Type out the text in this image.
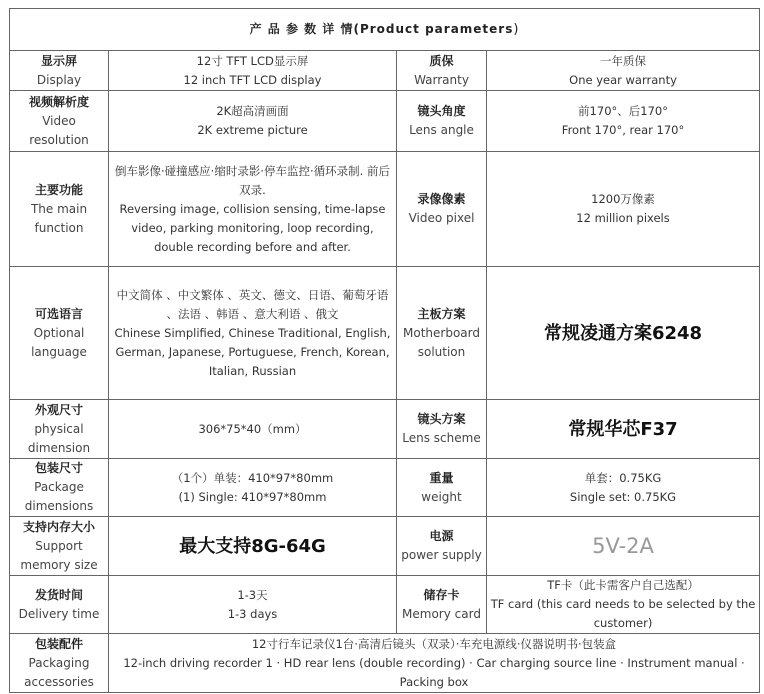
产 品 参 数 详 情(Product parameters)			

显示屏
Display	12寸 TFT LCD显示屏
12 inch TFT LCD display	质保
Warranty	一年质保
One year warranty

视频解析度
Video resolution	2K超高清画面
2K extreme picture	镜头角度
Lens angle	前170°、后170°
Front 170°, rear 170°

主要功能
The main function	倒车影像·碰撞感应·缩时录影·停车监控·循环录制. 前后双录.
Reversing image, collision sensing, time-lapse video, parking monitoring, loop recording, double recording before and after.	录像像素
Video pixel	1200万像素
12 million pixels

可选语言
Optional language	中文简体 、中文繁体 、英文、德文、日语、葡萄牙语 、法语 、韩语 、意大利语 、俄文
Chinese Simplified, Chinese Traditional, English, German, Japanese, Portuguese, French, Korean, Italian, Russian	主板方案
Motherboard solution	常规凌通方案6248

外观尺寸
physical dimension	306*75*40（mm）	镜头方案
Lens scheme	常规华芯F37

包装尺寸
Package dimensions	（1个）单装：410*97*80mm
(1) Single: 410*97*80mm	重量
weight	单套：0.75KG
Single set: 0.75KG

支持内存大小
Support memory size	最大支持8G-64G	电源
power supply	5V-2A

发货时间
Delivery time	1-3天
1-3 days	储存卡
Memory card	TF卡（此卡需客户自己选配）
TF card (this card needs to be selected by the customer)

包装配件
Packaging accessories	12寸行车记录仪1台·高清后镜头（双录）·车充电源线·仪器说明书·包装盒
12-inch driving recorder 1 · HD rear lens (double recording) · Car charging source line · Instrument manual · Packing box		
